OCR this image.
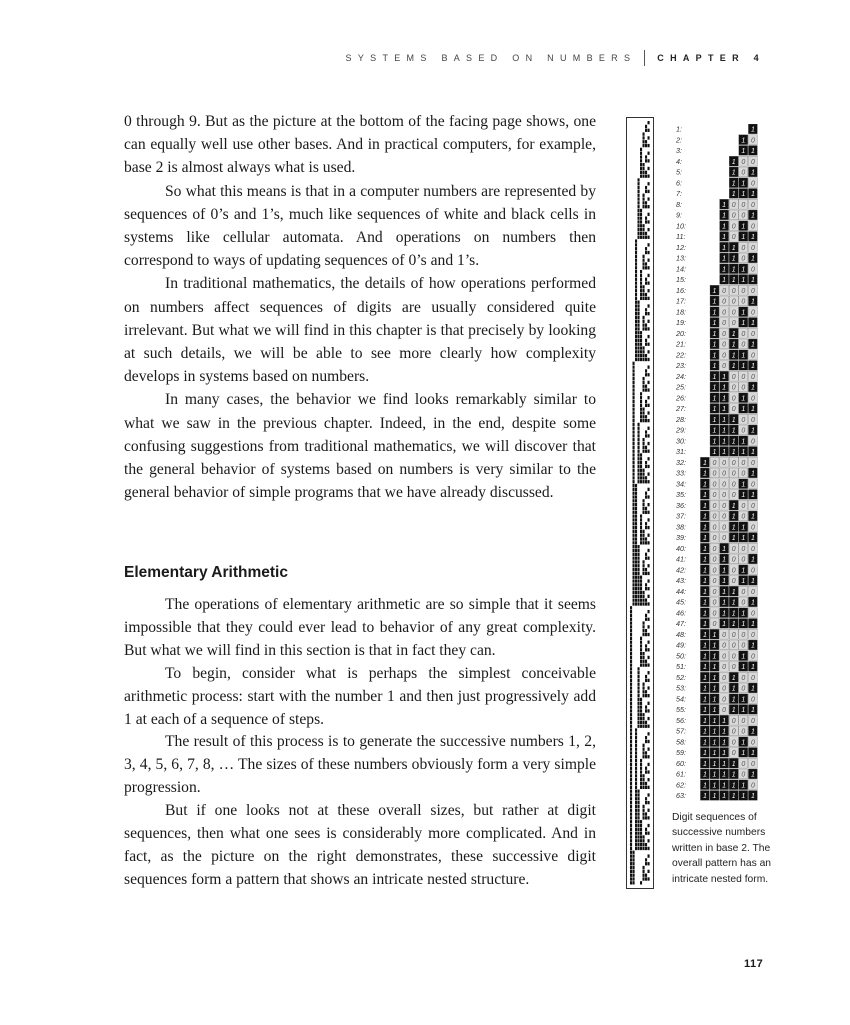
SYSTEMS BASED ON NUMBERS CHAPTER 4

0 through 9. But as the picture at the bottom of the facing page shows, one can equally well use other bases. And in practical computers, for example, base 2 is almost always what is used.

So what this means is that in a computer numbers are represented by sequences of 0’s and 1’s, much like sequences of white and black cells in systems like cellular automata. And operations on numbers then correspond to ways of updating sequences of 0’s and 1’s.

In traditional mathematics, the details of how operations performed on numbers affect sequences of digits are usually considered quite irrelevant. But what we will find in this chapter is that precisely by looking at such details, we will be able to see more clearly how complexity develops in systems based on numbers.

In many cases, the behavior we find looks remarkably similar to what we saw in the previous chapter. Indeed, in the end, despite some confusing suggestions from traditional mathematics, we will discover that the general behavior of systems based on numbers is very similar to the general behavior of simple programs that we have already discussed.

Elementary Arithmetic

The operations of elementary arithmetic are so simple that it seems impossible that they could ever lead to behavior of any great complexity. But what we will find in this section is that in fact they can.

To begin, consider what is perhaps the simplest conceivable arithmetic process: start with the number 1 and then just progressively add 1 at each of a sequence of steps.

The result of this process is to generate the successive numbers 1, 2, 3, 4, 5, 6, 7, 8, … The sizes of these numbers obviously form a very simple progression.

But if one looks not at these overall sizes, but rather at digit sequences, then what one sees is considerably more complicated. And in fact, as the picture on the right demonstrates, these successive digit sequences form a pattern that shows an intricate nested structure.

1:	1
2:	1 0
3:	1 1
4:	1 0 0
5:	1 0 1
6:	1 1 0
7:	1 1 1
8:	1 0 0 0
9:	1 0 0 1
10:	1 0 1 0
11:	1 0 1 1
12:	1 1 0 0
13:	1 1 0 1
14:	1 1 1 0
15:	1 1 1 1
16:	1 0 0 0 0
17:	1 0 0 0 1
18:	1 0 0 1 0
19:	1 0 0 1 1
20:	1 0 1 0 0
21:	1 0 1 0 1
22:	1 0 1 1 0
23:	1 0 1 1 1
24:	1 1 0 0 0
25:	1 1 0 0 1
26:	1 1 0 1 0
27:	1 1 0 1 1
28:	1 1 1 0 0
29:	1 1 1 0 1
30:	1 1 1 1 0
31:	1 1 1 1 1
32: 1 0 0 0 0 0
33: 1 0 0 0 0 1
34: 1 0 0 0 1 0
35: 1 0 0 0 1 1
36: 1 0 0 1 0 0
37: 1 0 0 1 0 1
38: 1 0 0 1 1 0
39: 1 0 0 1 1 1
40: 1 0 1 0 0 0
41: 1 0 1 0 0 1
42: 1 0 1 0 1 0
43: 1 0 1 0 1 1
44: 1 0 1 1 0 0
45: 1 0 1 1 0 1
46: 1 0 1 1 1 0
47: 1 0 1 1 1 1
48: 1 1 0 0 0 0
49: 1 1 0 0 0 1
50: 1 1 0 0 1 0
51: 1 1 0 0 1 1
52: 1 1 0 1 0 0
53: 1 1 0 1 0 1
54: 1 1 0 1 1 0
55: 1 1 0 1 1 1
56: 1 1 1 0 0 0
57: 1 1 1 0 0 1
58: 1 1 1 0 1 0
59: 1 1 1 0 1 1
60: 1 1 1 1 0 0
61: 1 1 1 1 0 1
62: 1 1 1 1 1 0
63: 1 1 1 1 1 1
Digit sequences of successive numbers written in base 2. The overall pattern has an intricate nested form.
117
